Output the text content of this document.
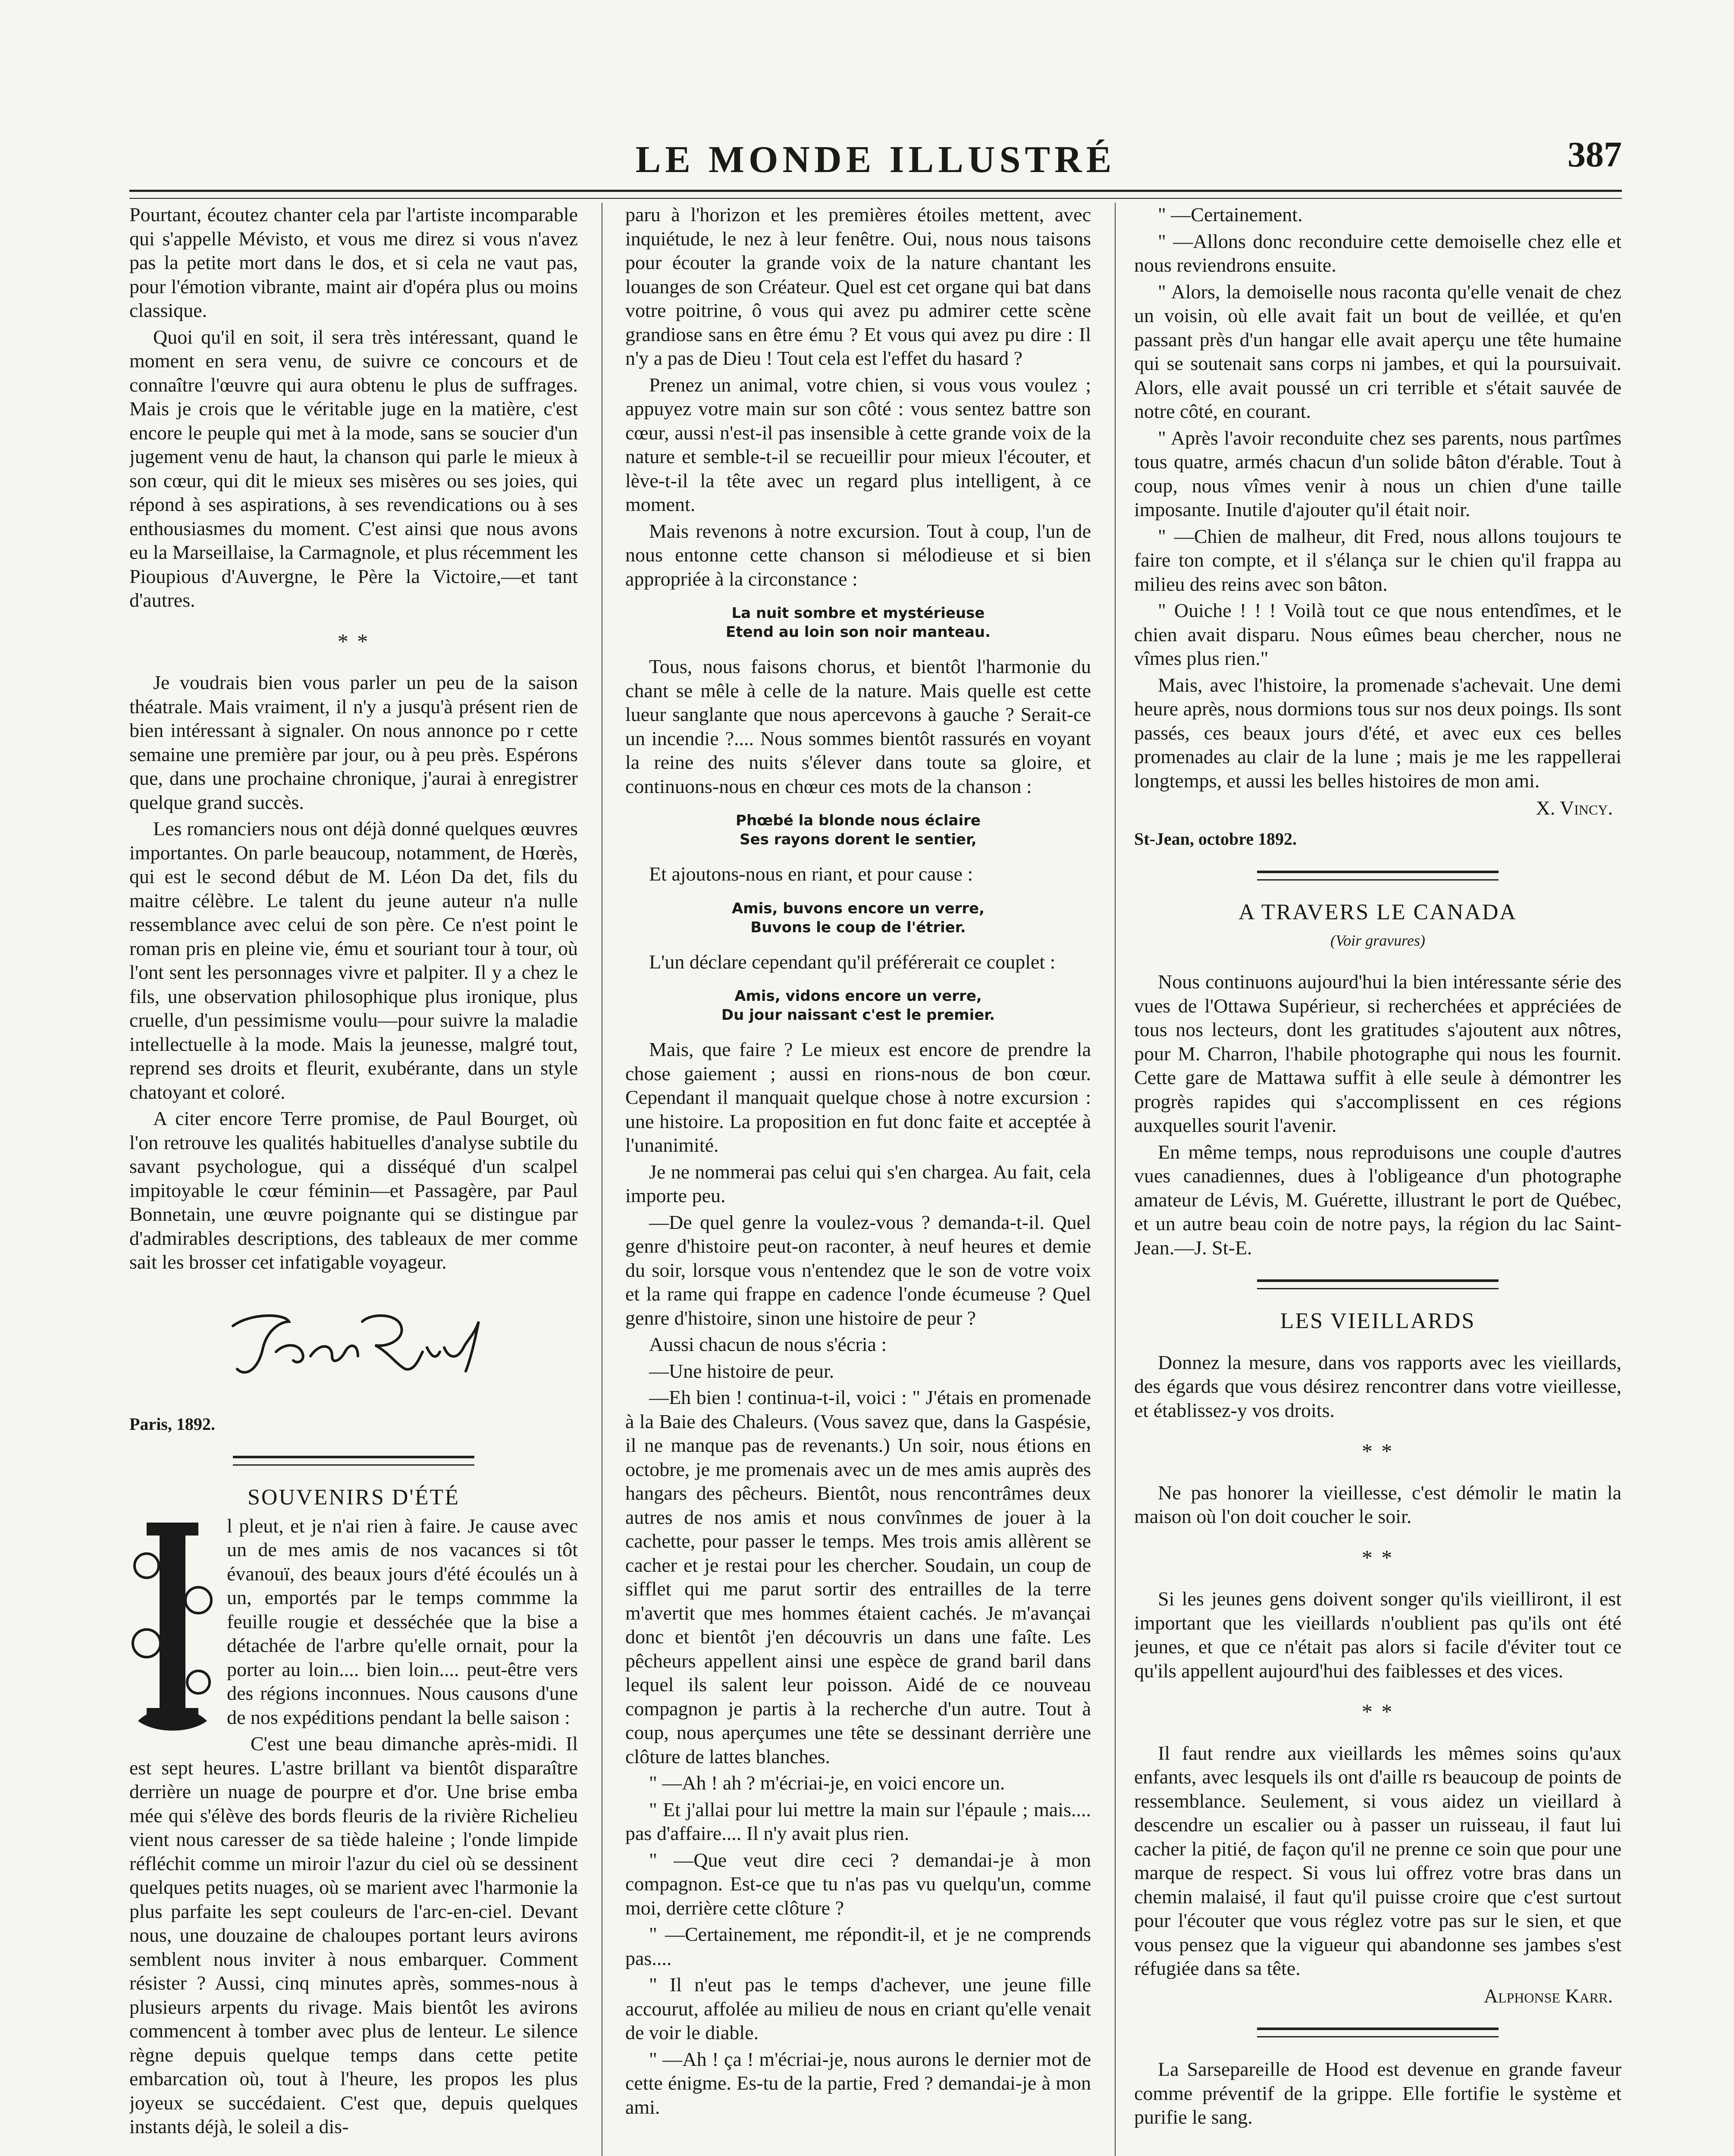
LE MONDE ILLUSTRÉ	387

Pourtant, écoutez chanter cela par l'artiste incomparable qui s'appelle Mévisto, et vous me direz si vous n'avez pas la petite mort dans le dos, et si cela ne vaut pas, pour l'émotion vibrante, maint air d'opéra plus ou moins classique.

Quoi qu'il en soit, il sera très intéressant, quand le moment en sera venu, de suivre ce concours et de connaître l'œuvre qui aura obtenu le plus de suffrages. Mais je crois que le véritable juge en la matière, c'est encore le peuple qui met à la mode, sans se soucier d'un jugement venu de haut, la chanson qui parle le mieux à son cœur, qui dit le mieux ses misères ou ses joies, qui répond à ses aspirations, à ses revendications ou à ses enthousiasmes du moment. C'est ainsi que nous avons eu la Marseillaise, la Carmagnole, et plus récemment les Pioupious d'Auvergne, le Père la Victoire,—et tant d'autres.

* *

Je voudrais bien vous parler un peu de la saison théatrale. Mais vraiment, il n'y a jusqu'à présent rien de bien intéressant à signaler. On nous annonce po r cette semaine une première par jour, ou à peu près. Espérons que, dans une prochaine chronique, j'aurai à enregistrer quelque grand succès.

Les romanciers nous ont déjà donné quelques œuvres importantes. On parle beaucoup, notamment, de Hœrès, qui est le second début de M. Léon Da det, fils du maitre célèbre. Le talent du jeune auteur n'a nulle ressemblance avec celui de son père. Ce n'est point le roman pris en pleine vie, ému et souriant tour à tour, où l'ont sent les personnages vivre et palpiter. Il y a chez le fils, une observation philosophique plus ironique, plus cruelle, d'un pessimisme voulu—pour suivre la maladie intellectuelle à la mode. Mais la jeunesse, malgré tout, reprend ses droits et fleurit, exubérante, dans un style chatoyant et coloré.

A citer encore Terre promise, de Paul Bourget, où l'on retrouve les qualités habituelles d'analyse subtile du savant psychologue, qui a disséqué d'un scalpel impitoyable le cœur féminin—et Passagère, par Paul Bonnetain, une œuvre poignante qui se distingue par d'admirables descriptions, des tableaux de mer comme sait les brosser cet infatigable voyageur.

Paris, 1892.
SOUVENIRS D'ÉTÉ

l pleut, et je n'ai rien à faire. Je cause avec un de mes amis de nos vacances si tôt évanouï, des beaux jours d'été écoulés un à un, emportés par le temps commme la feuille rougie et desséchée que la bise a détachée de l'arbre qu'elle ornait, pour la porter au loin.... bien loin.... peut-être vers des régions inconnues. Nous causons d'une de nos expéditions pendant la belle saison :

C'est une beau dimanche après-midi. Il est sept heures. L'astre brillant va bientôt disparaître derrière un nuage de pourpre et d'or. Une brise emba mée qui s'élève des bords fleuris de la rivière Richelieu vient nous caresser de sa tiède haleine ; l'onde limpide réfléchit comme un miroir l'azur du ciel où se dessinent quelques petits nuages, où se marient avec l'harmonie la plus parfaite les sept couleurs de l'arc-en-ciel. Devant nous, une douzaine de chaloupes portant leurs avirons semblent nous inviter à nous embarquer. Comment résister ? Aussi, cinq minutes après, sommes-nous à plusieurs arpents du rivage. Mais bientôt les avirons commencent à tomber avec plus de lenteur. Le silence règne depuis quelque temps dans cette petite embarcation où, tout à l'heure, les propos les plus joyeux se succédaient. C'est que, depuis quelques instants déjà, le soleil a dis-

paru à l'horizon et les premières étoiles mettent, avec inquiétude, le nez à leur fenêtre. Oui, nous nous taisons pour écouter la grande voix de la nature chantant les louanges de son Créateur. Quel est cet organe qui bat dans votre poitrine, ô vous qui avez pu admirer cette scène grandiose sans en être ému ? Et vous qui avez pu dire : Il n'y a pas de Dieu ! Tout cela est l'effet du hasard ?

Prenez un animal, votre chien, si vous vous voulez ; appuyez votre main sur son côté : vous sentez battre son cœur, aussi n'est-il pas insensible à cette grande voix de la nature et semble-t-il se recueillir pour mieux l'écouter, et lève-t-il la tête avec un regard plus intelligent, à ce moment.

Mais revenons à notre excursion. Tout à coup, l'un de nous entonne cette chanson si mélodieuse et si bien appropriée à la circonstance :

La nuit sombre et mystérieuse
Etend au loin son noir manteau.

Tous, nous faisons chorus, et bientôt l'harmonie du chant se mêle à celle de la nature. Mais quelle est cette lueur sanglante que nous apercevons à gauche ? Serait-ce un incendie ?.... Nous sommes bientôt rassurés en voyant la reine des nuits s'élever dans toute sa gloire, et continuons-nous en chœur ces mots de la chanson :

Phœbé la blonde nous éclaire
Ses rayons dorent le sentier,

Et ajoutons-nous en riant, et pour cause :

Amis, buvons encore un verre,
Buvons le coup de l'étrier.

L'un déclare cependant qu'il préférerait ce couplet :

Amis, vidons encore un verre,
Du jour naissant c'est le premier.

Mais, que faire ? Le mieux est encore de prendre la chose gaiement ; aussi en rions-nous de bon cœur. Cependant il manquait quelque chose à notre excursion : une histoire. La proposition en fut donc faite et acceptée à l'unanimité.

Je ne nommerai pas celui qui s'en chargea. Au fait, cela importe peu.

—De quel genre la voulez-vous ? demanda-t-il. Quel genre d'histoire peut-on raconter, à neuf heures et demie du soir, lorsque vous n'entendez que le son de votre voix et la rame qui frappe en cadence l'onde écumeuse ? Quel genre d'histoire, sinon une histoire de peur ?

Aussi chacun de nous s'écria :

—Une histoire de peur.

—Eh bien ! continua-t-il, voici : " J'étais en promenade à la Baie des Chaleurs. (Vous savez que, dans la Gaspésie, il ne manque pas de revenants.) Un soir, nous étions en octobre, je me promenais avec un de mes amis auprès des hangars des pêcheurs. Bientôt, nous rencontrâmes deux autres de nos amis et nous convînmes de jouer à la cachette, pour passer le temps. Mes trois amis allèrent se cacher et je restai pour les chercher. Soudain, un coup de sifflet qui me parut sortir des entrailles de la terre m'avertit que mes hommes étaient cachés. Je m'avançai donc et bientôt j'en découvris un dans une faîte. Les pêcheurs appellent ainsi une espèce de grand baril dans lequel ils salent leur poisson. Aidé de ce nouveau compagnon je partis à la recherche d'un autre. Tout à coup, nous aperçumes une tête se dessinant derrière une clôture de lattes blanches.

" —Ah ! ah ? m'écriai-je, en voici encore un.

" Et j'allai pour lui mettre la main sur l'épaule ; mais.... pas d'affaire.... Il n'y avait plus rien.

" —Que veut dire ceci ? demandai-je à mon compagnon. Est-ce que tu n'as pas vu quelqu'un, comme moi, derrière cette clôture ?

" —Certainement, me répondit-il, et je ne comprends pas....

" Il n'eut pas le temps d'achever, une jeune fille accourut, affolée au milieu de nous en criant qu'elle venait de voir le diable.

" —Ah ! ça ! m'écriai-je, nous aurons le dernier mot de cette énigme. Es-tu de la partie, Fred ? demandai-je à mon ami.

" —Certainement.

" —Allons donc reconduire cette demoiselle chez elle et nous reviendrons ensuite.

" Alors, la demoiselle nous raconta qu'elle venait de chez un voisin, où elle avait fait un bout de veillée, et qu'en passant près d'un hangar elle avait aperçu une tête humaine qui se soutenait sans corps ni jambes, et qui la poursuivait. Alors, elle avait poussé un cri terrible et s'était sauvée de notre côté, en courant.

" Après l'avoir reconduite chez ses parents, nous partîmes tous quatre, armés chacun d'un solide bâton d'érable. Tout à coup, nous vîmes venir à nous un chien d'une taille imposante. Inutile d'ajouter qu'il était noir.

" —Chien de malheur, dit Fred, nous allons toujours te faire ton compte, et il s'élança sur le chien qu'il frappa au milieu des reins avec son bâton.

" Ouiche ! ! ! Voilà tout ce que nous entendîmes, et le chien avait disparu. Nous eûmes beau chercher, nous ne vîmes plus rien."

Mais, avec l'histoire, la promenade s'achevait. Une demi heure après, nous dormions tous sur nos deux poings. Ils sont passés, ces beaux jours d'été, et avec eux ces belles promenades au clair de la lune ; mais je me les rappellerai longtemps, et aussi les belles histoires de mon ami.

X. Vincy.
St-Jean, octobre 1892.
A TRAVERS LE CANADA
(Voir gravures)

Nous continuons aujourd'hui la bien intéressante série des vues de l'Ottawa Supérieur, si recherchées et appréciées de tous nos lecteurs, dont les gratitudes s'ajoutent aux nôtres, pour M. Charron, l'habile photographe qui nous les fournit. Cette gare de Mattawa suffit à elle seule à démontrer les progrès rapides qui s'accomplissent en ces régions auxquelles sourit l'avenir.

En même temps, nous reproduisons une couple d'autres vues canadiennes, dues à l'obligeance d'un photographe amateur de Lévis, M. Guérette, illustrant le port de Québec, et un autre beau coin de notre pays, la région du lac Saint-Jean.—J. St-E.

LES VIEILLARDS

Donnez la mesure, dans vos rapports avec les vieillards, des égards que vous désirez rencontrer dans votre vieillesse, et établissez-y vos droits.

* *

Ne pas honorer la vieillesse, c'est démolir le matin la maison où l'on doit coucher le soir.

* *

Si les jeunes gens doivent songer qu'ils vieilliront, il est important que les vieillards n'oublient pas qu'ils ont été jeunes, et que ce n'était pas alors si facile d'éviter tout ce qu'ils appellent aujourd'hui des faiblesses et des vices.

* *

Il faut rendre aux vieillards les mêmes soins qu'aux enfants, avec lesquels ils ont d'aille rs beaucoup de points de ressemblance. Seulement, si vous aidez un vieillard à descendre un escalier ou à passer un ruisseau, il faut lui cacher la pitié, de façon qu'il ne prenne ce soin que pour une marque de respect. Si vous lui offrez votre bras dans un chemin malaisé, il faut qu'il puisse croire que c'est surtout pour l'écouter que vous réglez votre pas sur le sien, et que vous pensez que la vigueur qui abandonne ses jambes s'est réfugiée dans sa tête.

Alphonse Karr.

La Sarsepareille de Hood est devenue en grande faveur comme préventif de la grippe. Elle fortifie le système et purifie le sang.
